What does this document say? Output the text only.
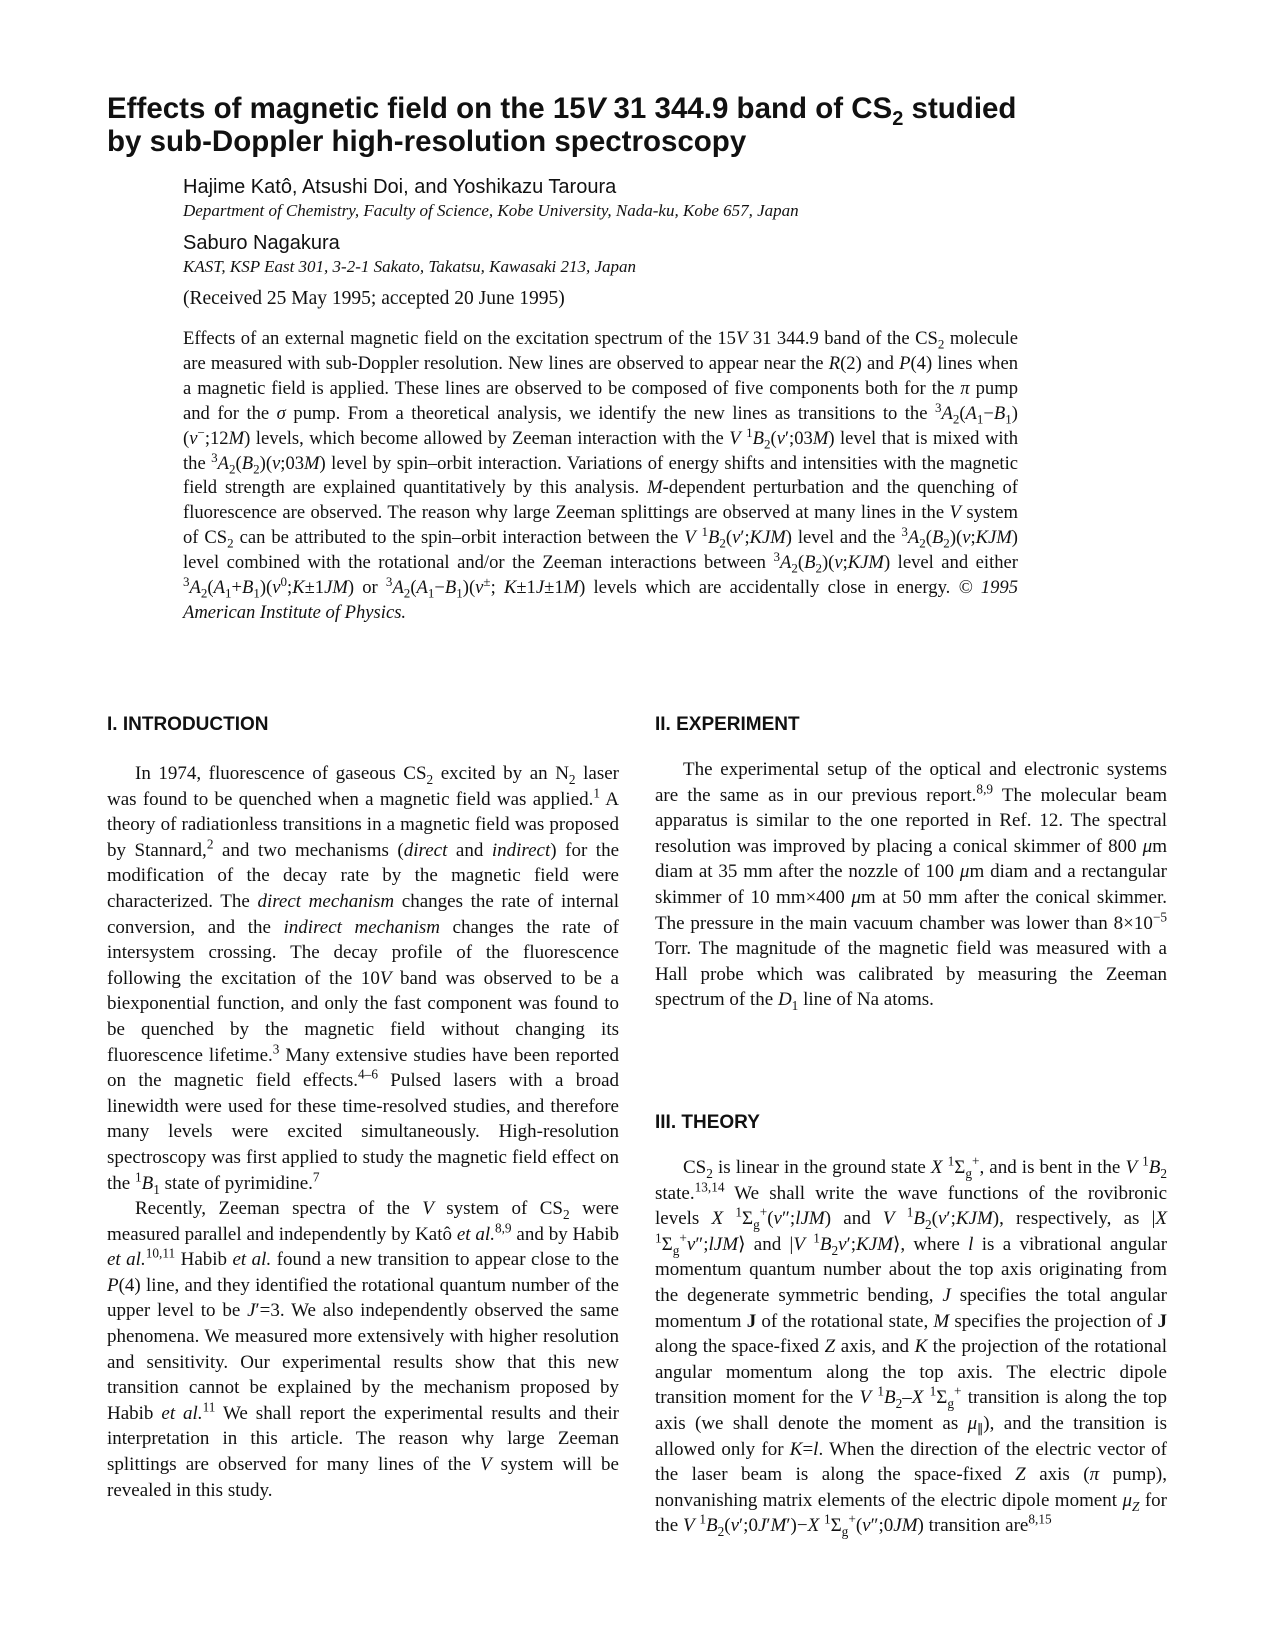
Effects of magnetic field on the 15V 31 344.9 band of $CS_2$ studied
by sub-Doppler high-resolution spectroscopy
Hajime Katô, Atsushi Doi, and Yoshikazu Taroura
Department of Chemistry, Faculty of Science, Kobe University, Nada-ku, Kobe 657, Japan
Saburo Nagakura
KAST, KSP East 301, 3-2-1 Sakato, Takatsu, Kawasaki 213, Japan
(Received 25 May 1995; accepted 20 June 1995)

Effects of an external magnetic field on the excitation spectrum of the 15V 31 344.9 band of the $CS_2$ molecule are measured with sub-Doppler resolution. New lines are observed to appear near the R(2) and P(4) lines when a magnetic field is applied. These lines are observed to be composed of five components both for the π pump and for the σ pump. From a theoretical analysis, we identify the new lines as transitions to the $^3A_2(A_1-B_1)(v^-;12M)$ levels, which become allowed by Zeeman interaction with the V $^1B_2(v';03M)$ level that is mixed with the $^3A_2(B_2)(v;03M)$ level by spin–orbit interaction. Variations of energy shifts and intensities with the magnetic field strength are explained quantitatively by this analysis. M-dependent perturbation and the quenching of fluorescence are observed. The reason why large Zeeman splittings are observed at many lines in the V system of $CS_2$ can be attributed to the spin–orbit interaction between the V $^1B_2(v';KJM)$ level and the $^3A_2(B_2)(v;KJM)$ level combined with the rotational and/or the Zeeman interactions between $^3A_2(B_2)(v;KJM)$ level and either $^3A_2(A_1+B_1)(v^0;K\pm 1JM)$ or $^3A_2(A_1-B_1)(v^\pm$; K±1J±1M) levels which are accidentally close in energy. © 1995 American Institute of Physics.

I. INTRODUCTION	II. EXPERIMENT
III. THEORY

In 1974, fluorescence of gaseous $CS_2$ excited by an $N_2$ laser was found to be quenched when a magnetic field was applied.$^1$ A theory of radiationless transitions in a magnetic field was proposed by Stannard,$^2$ and two mechanisms (direct and indirect) for the modification of the decay rate by the magnetic field were characterized. The direct mechanism changes the rate of internal conversion, and the indirect mechanism changes the rate of intersystem crossing. The decay profile of the fluorescence following the excitation of the 10V band was observed to be a biexponential function, and only the fast component was found to be quenched by the magnetic field without changing its fluorescence lifetime.$^3$ Many extensive studies have been reported on the magnetic field effects.$^{4-6}$ Pulsed lasers with a broad linewidth were used for these time-resolved studies, and therefore many levels were excited simultaneously. High-resolution spectroscopy was first applied to study the magnetic field effect on the $^1B_1$ state of pyrimidine.$^7$

Recently, Zeeman spectra of the V system of $CS_2$ were measured parallel and independently by Katô et al.$^{8,9}$ and by Habib et al.$^{10,11}$ Habib et al. found a new transition to appear close to the P(4) line, and they identified the rotational quantum number of the upper level to be J′=3. We also independently observed the same phenomena. We measured more extensively with higher resolution and sensitivity. Our experimental results show that this new transition cannot be explained by the mechanism proposed by Habib et al.$^{11}$ We shall report the experimental results and their interpretation in this article. The reason why large Zeeman splittings are observed for many lines of the V system will be revealed in this study.

The experimental setup of the optical and electronic systems are the same as in our previous report.$^{8,9}$ The molecular beam apparatus is similar to the one reported in Ref. 12. The spectral resolution was improved by placing a conical skimmer of 800 μm diam at 35 mm after the nozzle of 100 μm diam and a rectangular skimmer of 10 mm×400 μm at 50 mm after the conical skimmer. The pressure in the main vacuum chamber was lower than $8\times 10^{-5}$ Torr. The magnitude of the magnetic field was measured with a Hall probe which was calibrated by measuring the Zeeman spectrum of the $D_1$ line of Na atoms.

$CS_2$ is linear in the ground state X $^1\Sigma_g^+$, and is bent in the V $^1B_2$ state.$^{13,14}$ We shall write the wave functions of the rovibronic levels X $^1\Sigma_g^+(v'';lJM)$ and V $^1B_2(v';KJM)$, respectively, as |X $^1\Sigma_g^+v'';lJM⟩$ and |V $^1B_2v';KJM⟩$, where l is a vibrational angular momentum quantum number about the top axis originating from the degenerate symmetric bending, J specifies the total angular momentum J of the rotational state, M specifies the projection of J along the space-fixed Z axis, and K the projection of the rotational angular momentum along the top axis. The electric dipole transition moment for the V $^1B_2-X$ $^1\Sigma_g^+$ transition is along the top axis (we shall denote the moment as $\mu_\parallel$), and the transition is allowed only for K=l. When the direction of the electric vector of the laser beam is along the space-fixed Z axis (π pump), nonvanishing matrix elements of the electric dipole moment $\mu_Z$ for the V $^1B_2(v';0J'M')-X$ $^1\Sigma_g^+(v'';0JM)$ transition are$^{8,15}$
